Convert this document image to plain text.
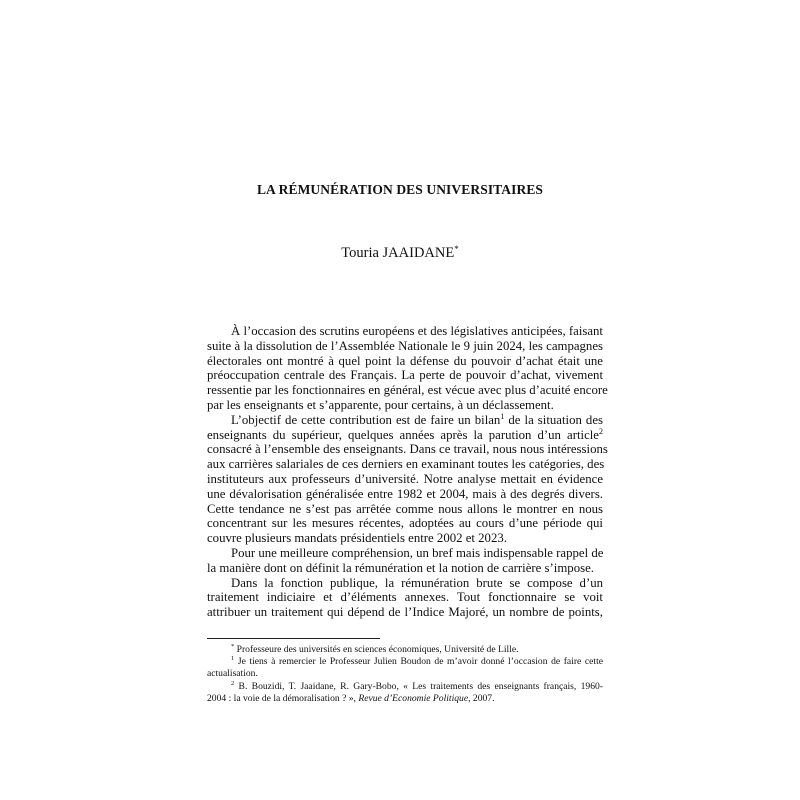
LA RÉMUNÉRATION DES UNIVERSITAIRES
Touria JAAIDANE*
À l’occasion des scrutins européens et des législatives anticipées, faisant
suite à la dissolution de l’Assemblée Nationale le 9 juin 2024, les campagnes
électorales ont montré à quel point la défense du pouvoir d’achat était une
préoccupation centrale des Français. La perte de pouvoir d’achat, vivement
ressentie par les fonctionnaires en général, est vécue avec plus d’acuité encore
par les enseignants et s’apparente, pour certains, à un déclassement.
L’objectif de cette contribution est de faire un bilan$^1$ de la situation des
enseignants du supérieur, quelques années après la parution d’un article$^2$
consacré à l’ensemble des enseignants. Dans ce travail, nous nous intéressions
aux carrières salariales de ces derniers en examinant toutes les catégories, des
instituteurs aux professeurs d’université. Notre analyse mettait en évidence
une dévalorisation généralisée entre 1982 et 2004, mais à des degrés divers.
Cette tendance ne s’est pas arrêtée comme nous allons le montrer en nous
concentrant sur les mesures récentes, adoptées au cours d’une période qui
couvre plusieurs mandats présidentiels entre 2002 et 2023.
Pour une meilleure compréhension, un bref mais indispensable rappel de
la manière dont on définit la rémunération et la notion de carrière s’impose.
Dans la fonction publique, la rémunération brute se compose d’un
traitement indiciaire et d’éléments annexes. Tout fonctionnaire se voit
attribuer un traitement qui dépend de l’Indice Majoré, un nombre de points,
* Professeure des universités en sciences économiques, Université de Lille.
$^1$ Je tiens à remercier le Professeur Julien Boudon de m’avoir donné l’occasion de faire cette
actualisation.
$^2$ B. Bouzidi, T. Jaaidane, R. Gary-Bobo, « Les traitements des enseignants français, 1960-
2004 : la voie de la démoralisation ? », Revue d’Economie Politique, 2007.
